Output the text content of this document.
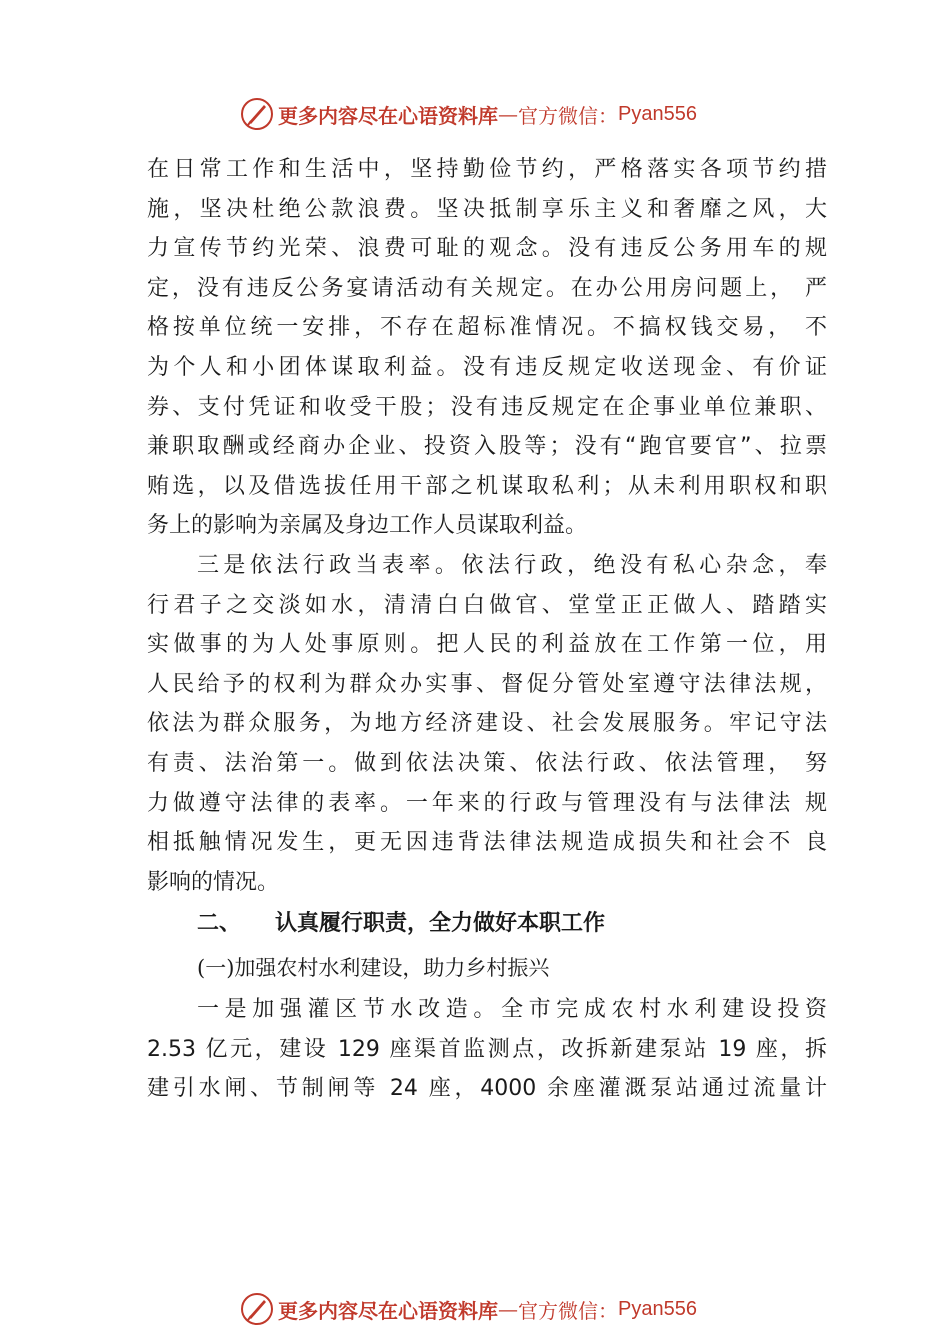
更多内容尽在心语资料库 — 官方微信： Pyan556
在日常工作和生活中，坚持勤俭节约，严格落实各项节约措
施，坚决杜绝公款浪费。坚决抵制享乐主义和奢靡之风，大
力宣传节约光荣、浪费可耻的观念。没有违反公务用车的规
定，没有违反公务宴请活动有关规定。在办公用房问题上， 严
格按单位统一安排，不存在超标准情况。不搞权钱交易， 不
为个人和小团体谋取利益。没有违反规定收送现金、有价证
券、支付凭证和收受干股；没有违反规定在企事业单位兼职、
兼职取酬或经商办企业、投资入股等；没有“跑官要官”、拉票
贿选，以及借选拔任用干部之机谋取私利；从未利用职权和职
务上的影响为亲属及身边工作人员谋取利益。
三是依法行政当表率。依法行政，绝没有私心杂念，奉
行君子之交淡如水，清清白白做官、堂堂正正做人、踏踏实
实做事的为人处事原则。把人民的利益放在工作第一位，用
人民给予的权利为群众办实事、督促分管处室遵守法律法规，
依法为群众服务，为地方经济建设、社会发展服务。牢记守法
有责、法治第一。做到依法决策、依法行政、依法管理， 努
力做遵守法律的表率。一年来的行政与管理没有与法律法 规
相抵触情况发生，更无因违背法律法规造成损失和社会不 良
影响的情况。
二、 认真履行职责，全力做好本职工作
(一)加强农村水利建设，助力乡村振兴
一是加强灌区节水改造。全市完成农村水利建设投资
2.53 亿元，建设 129 座渠首监测点，改拆新建泵站 19 座，拆
建引水闸、节制闸等 24 座，4000 余座灌溉泵站通过流量计
更多内容尽在心语资料库 — 官方微信： Pyan556
